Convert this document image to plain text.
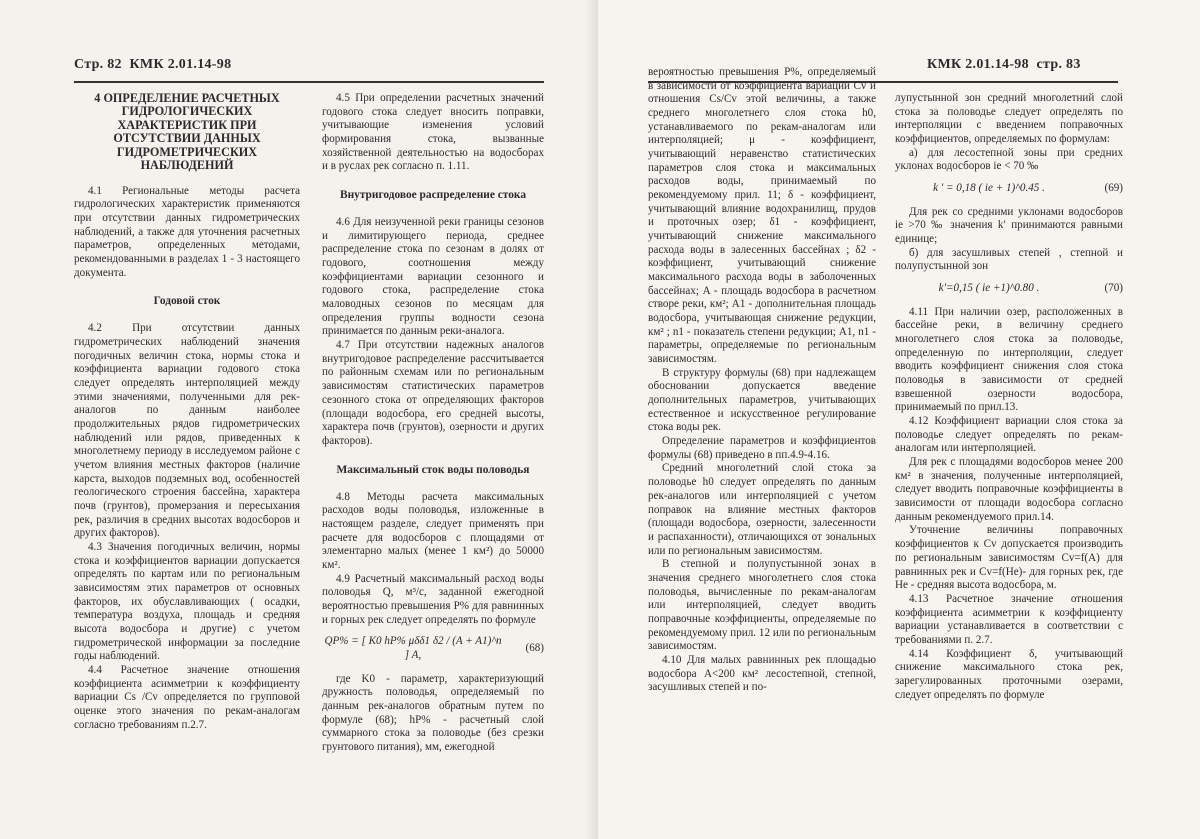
Стр. 82 КМК 2.01.14-98
4 ОПРЕДЕЛЕНИЕ РАСЧЕТНЫХ ГИДРОЛОГИЧЕСКИХ ХАРАКТЕРИСТИК ПРИ ОТСУТСТВИИ ДАННЫХ ГИДРОМЕТРИЧЕСКИХ НАБЛЮДЕНИЙ

4.1 Региональные методы расчета гидрологических характеристик применяются при отсутствии данных гидрометрических наблюдений, а также для уточнения расчетных параметров, определенных методами, рекомендованными в разделах 1 - 3 настоящего документа.

Годовой сток

4.2 При отсутствии данных гидрометрических наблюдений значения погодичных величин стока, нормы стока и коэффициента вариации годового стока следует определять интерполяцией между этими значениями, полученными для рек-аналогов по данным наиболее продолжительных рядов гидрометрических наблюдений или рядов, приведенных к многолетнему периоду в исследуемом районе с учетом влияния местных факторов (наличие карста, выходов подземных вод, особенностей геологического строения бассейна, характера почв (грунтов), промерзания и пересыхания рек, различия в средних высотах водосборов и других факторов).

4.3 Значения погодичных величин, нормы стока и коэффициентов вариации допускается определять по картам или по региональным зависимостям этих параметров от основных факторов, их обуславливающих ( осадки, температура воздуха, площадь и средняя высота водосбора и другие) с учетом гидрометрической информации за последние годы наблюдений.

4.4 Расчетное значение отношения коэффициента асимметрии к коэффициенту вариации Cs /Cv определяется по групповой оценке этого значения по рекам-аналогам согласно требованиям п.2.7.

4.5 При определении расчетных значений годового стока следует вносить поправки, учитывающие изменения условий формирования стока, вызванные хозяйственной деятельностью на водосборах и в руслах рек согласно п. 1.11.

Внутригодовое распределение стока

4.6 Для неизученной реки границы сезонов и лимитирующего периода, среднее распределение стока по сезонам в долях от годового, соотношения между коэффициентами вариации сезонного и годового стока, распределение стока маловодных сезонов по месяцам для определения группы водности сезона принимается по данным реки-аналога.

4.7 При отсутствии надежных аналогов внутригодовое распределение рассчитывается по районным схемам или по региональным зависимостям статистических параметров сезонного стока от определяющих факторов (площади водосбора, его средней высоты, характера почв (грунтов), озерности и других факторов).

Максимальный сток воды половодья

4.8 Методы расчета максимальных расходов воды половодья, изложенные в настоящем разделе, следует применять при расчете для водосборов с площадями от элементарно малых (менее 1 км²) до 50000 км².

4.9 Расчетный максимальный расход воды половодья Q, м³/с, заданной ежегодной вероятностью превышения P% для равнинных и горных рек следует определять по формуле

QP% = [ K0 hP% μδδ1 δ2 / (A + A1)^n ] A,
(68)

где K0 - параметр, характеризующий дружность половодья, определяемый по данным рек-аналогов обратным путем по формуле (68); hP% - расчетный слой суммарного стока за половодье (без срезки грунтового питания), мм, ежегодной

КМК 2.01.14-98 стр. 83

вероятностью превышения P%, определяемый в зависимости от коэффициента вариации Cv и отношения Cs/Cv этой величины, а также среднего многолетнего слоя стока h0, устанавливаемого по рекам-аналогам или интерполяцией; μ - коэффициент, учитывающий неравенство статистических параметров слоя стока и максимальных расходов воды, принимаемый по рекомендуемому прил. 11; δ - коэффициент, учитывающий влияние водохранилищ, прудов и проточных озер; δ1 - коэффициент, учитывающий снижение максимального расхода воды в залесенных бассейнах ; δ2 - коэффициент, учитывающий снижение максимального расхода воды в заболоченных бассейнах; A - площадь водосбора в расчетном створе реки, км²; A1 - дополнительная площадь водосбора, учитывающая снижение редукции, км² ; n1 - показатель степени редукции; A1, n1 - параметры, определяемые по региональным зависимостям.

В структуру формулы (68) при надлежащем обосновании допускается введение дополнительных параметров, учитывающих естественное и искусственное регулирование стока воды рек.

Определение параметров и коэффициентов формулы (68) приведено в пп.4.9-4.16.

Средний многолетний слой стока за половодье h0 следует определять по данным рек-аналогов или интерполяцией с учетом поправок на влияние местных факторов (площади водосбора, озерности, залесенности и распаханности), отличающихся от зональных или по региональным зависимостям.

В степной и полупустынной зонах в значения среднего многолетнего слоя стока половодья, вычисленные по рекам-аналогам или интерполяцией, следует вводить поправочные коэффициенты, определяемые по рекомендуемому прил. 12 или по региональным зависимостям.

4.10 Для малых равнинных рек площадью водосбора A<200 км² лесостепной, степной, засушливых степей и по-

лупустынной зон средний многолетний слой стока за половодье следует определять по интерполяции с введением поправочных коэффициентов, определяемых по формулам:

а) для лесостепной зоны при средних уклонах водосборов ie < 70 ‰

k ′ = 0,18 ( ie + 1)^0.45 .	(69)

Для рек со средними уклонами водосборов ie >70 ‰ значения k′ принимаются равными единице;

б) для засушливых степей , степной и полупустынной зон

k′=0,15 ( ie +1)^0.80 .	(70)

4.11 При наличии озер, расположенных в бассейне реки, в величину среднего многолетнего слоя стока за половодье, определенную по интерполяции, следует вводить коэффициент снижения слоя стока половодья в зависимости от средней взвешенной озерности водосбора, принимаемый по прил.13.

4.12 Коэффициент вариации слоя стока за половодье следует определять по рекам-аналогам или интерполяцией.

Для рек с площадями водосборов менее 200 км² в значения, полученные интерполяцией, следует вводить поправочные коэффициенты в зависимости от площади водосбора согласно данным рекомендуемого прил.14.

Уточнение величины поправочных коэффициентов к Cv допускается производить по региональным зависимостям Cv=f(A) для равнинных рек и Cv=f(He)- для горных рек, где He - средняя высота водосбора, м.

4.13 Расчетное значение отношения коэффициента асимметрии к коэффициенту вариации устанавливается в соответствии с требованиями п. 2.7.

4.14 Коэффициент δ, учитывающий снижение максимального стока рек, зарегулированных проточными озерами, следует определять по формуле
